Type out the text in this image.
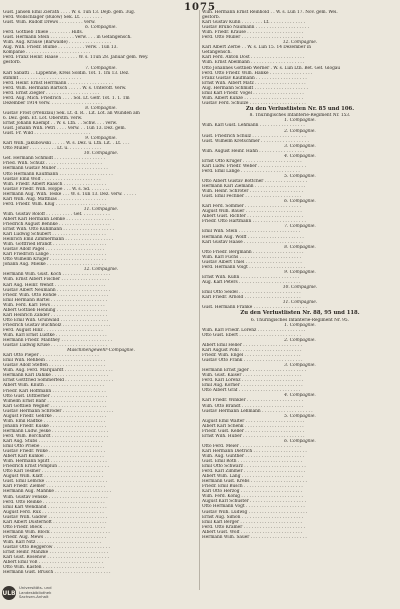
1075
Gust. Jansen Emil Zierath . . . . W. s. 1un 13. Dejb. gem. 3ug.
Ferd. Wollschläger (Bülow) Sek. Lt. . . . . . . . .
Gust. Wilh. Rudolf Drews . . . . . . . . . verw.
6. Compagnie.
Ferd. Gottlieb Thiele . . . . . . . . Hilfs.
Gust. Hermann Stein . . . . . . . . . Verw. . . . in Gefangensch.
Wilh. Aug. Krause (Bärwalde) . . . . . . . . . . . . . . . .
Aug. Wilh. Friedr. Blume . . . . . . . . . . verw. . 1un 13.
Kompanie . . . . . . . . . . . . . . . . . . . . . . . .
Ferd. Franz Heinr. Haase . . . . . . . W. s. 11un 28. Januar gem. Wey.
gestorb.
7. Compagnie.
Karl Sabatti . . Lippehne, Kreis Soldin. Tot. 1. 1m 13. Dez.
stimmt . . . . . . . . . . . . . . . . . . . . . . .
Ferd. Heinr. Ernst Herrmann . . . . . . . . . . . . . . . . .
Ferd. Wilh. Hermann Bartsch . . . . . W. s. Unteroff. Verw.
Ferd. Ernst Ziegler . . . . . . . . . . . . . . . . . . . .
Ferd. Aug. Mich. Friedrich . . . . Sol. Lt. Gefr. Tot. 1. 1. 1m
Dezember 1914 verw. . . . . . . . . . . . . . . . . . . .
8. Compagnie.
Gustav Frost (Prenzlau) Sek. Lt. d. R. . Lit. Lot. an Wunden am
6. Dez. gem. Et. Lot. Oberstm. verw.
Ernst Johann Kaempf . . W. s. Ltn. . . Schw. . . . verw.
Gust. Johann Wilh. Petri . . . . Verw. . . 1un 13. Dez. gem.
Gust. Fr. Wild . . . . . . . . . . . . . . . . . . . . .
9. Compagnie.
Karl Wilh. Jakubowski . . . . . W. s. Dez. u. Ltn. Lit. . Lt. . . .
Otto Müller . . . . . . . . . . Lt. u. . . . . . . . . . . . .
10. Compagnie.
Gef. Hermann Schmidt . . . . . . . . . . . . . . . . . . .
Fried. Wilh. Schulz . . . . . . . . . . . . . . . . . . . . .
Hermann Gustav Müller . . . . . . . . . . . . . . . . . . .
Otto Hermann Kaufmann . . . . . . . . . . . . . . . . . . . .
Gustav Emil Wolf . . . . . . . . . . . . . . . . . . . . . .
Wilh. Friedr. Albert Raasch . . . . . . . . . . . . . . . .
Gustav Friedr. Wilh. Hoppe . . . W. s. Sd. . . . . . . .
Hermann Aug. Wilh. Teske . . . W. s. 1un 13. Dez. verw. . . . . .
Karl Wilh. Aug. Matthias . . . . . . . . . . . . . . . . . .
Ferd. Friedr. Wilh. Klug . . . . . . . . . . . . . . . . . . .
11. Compagnie.
Wilh. Gustav Roloff . . . . . . . . . . Gef. . . . . . . . . . .
Albert Karl Hermann Lemke . . . . . . . . . . . . . . . . . .
Friedrich August Behnke . . . . . . . . . . . . . . . . . . .
Ernst Wilh. Otto Kuhlmann . . . . . . . . . . . . . . . . . . .
Karl Ludwig Schubert . . . . . . . . . . . . . . . . . . . .
Heinrich Emil Zimmermann . . . . . . . . . . . . . . . . . .
Wilh. Gottfried Brandt . . . . . . . . . . . . . . . . . . . .
Gustav Adolf Pagel . . . . . . . . . . . . . . . . . . . . . .
Karl Friedrich Lange . . . . . . . . . . . . . . . . . . . . .
Otto Wilhelm Krüger . . . . . . . . . . . . . . . . . . . . .
Johann Aug. Mielke . . . . . . . . . . . . . . . . . . . . .
12. Compagnie.
Hermann Wilh. Gust. Koch . . . . . . . . . . . . . . . . . .
Wilh. Ernst Albert Fischer . . . . . . . . . . . . . . . . . .
Karl Aug. Heinr. Wendt . . . . . . . . . . . . . . . . . . .
Gustav Albert Neumann . . . . . . . . . . . . . . . . . . . .
Friedr. Wilh. Otto Rohde . . . . . . . . . . . . . . . . . . .
Emil Hermann Bartel . . . . . . . . . . . . . . . . . . . . .
Wilh. Ferd. Karl Tews . . . . . . . . . . . . . . . . . . . .
Albert Gottlieb Henning . . . . . . . . . . . . . . . . . . .
Karl Heinrich Zander . . . . . . . . . . . . . . . . . . . . .
Otto Emil Wilh. Grunwald . . . . . . . . . . . . . . . . . .
Friedrich Gustav Buchholz . . . . . . . . . . . . . . . . . .
Ferd. August Hinz . . . . . . . . . . . . . . . . . . . . . .
Wilh. Karl Ernst Lüdtke . . . . . . . . . . . . . . . . . . .
Hermann Friedr. Manthey . . . . . . . . . . . . . . . . . . .
Gustav Ludwig Kruse . . . . . . . . . . . . . . . . . . . . .
Maschinengewehr-Compagnie.
Karl Otto Pieper . . . . . . . . . . . . . . . . . . . . . .
Emil Wilh. Rehbein . . . . . . . . . . . . . . . . . . . . . .
Gustav Adolf Steffen . . . . . . . . . . . . . . . . . . . . .
Wilh. Aug. Ferd. Marquardt . . . . . . . . . . . . . . . . . .
Hermann Karl Dahlke . . . . . . . . . . . . . . . . . . . . .
Ernst Gottfried Sommerfeld . . . . . . . . . . . . . . . . . .
Albert Wilh. Knuth . . . . . . . . . . . . . . . . . . . . . .
Friedr. Karl Hoffmann . . . . . . . . . . . . . . . . . . . .
Otto Gust. Dittberner . . . . . . . . . . . . . . . . . . . . .
Wilhelm Ernst Bahr . . . . . . . . . . . . . . . . . . . . . .
Karl Gottlieb Wegner . . . . . . . . . . . . . . . . . . . . .
Gustav Hermann Schröder . . . . . . . . . . . . . . . . . . .
August Friedr. Gehrke . . . . . . . . . . . . . . . . . . . .
Wilh. Emil Radtke . . . . . . . . . . . . . . . . . . . . . . .
Johann Friedr. Kuske . . . . . . . . . . . . . . . . . . . . .
Hermann Ludw. Jeske . . . . . . . . . . . . . . . . . . . . .
Ferd. Wilh. Borchardt . . . . . . . . . . . . . . . . . . . . .
Karl Aug. Stübs . . . . . . . . . . . . . . . . . . . . . . . .
Emil Otto Priebe . . . . . . . . . . . . . . . . . . . . . . .
Gustav Friedr. Wilke . . . . . . . . . . . . . . . . . . . . .
Albert Karl Kunkel . . . . . . . . . . . . . . . . . . . . . .
Wilh. Hermann Splitt . . . . . . . . . . . . . . . . . . . . .
Friedrich Ernst Pomplun . . . . . . . . . . . . . . . . . . .
Otto Karl Tesmer . . . . . . . . . . . . . . . . . . . . . . .
August Wilh. Klatt . . . . . . . . . . . . . . . . . . . . . .
Gust. Emil Lemcke . . . . . . . . . . . . . . . . . . . . . . .
Karl Friedr. Ziemer . . . . . . . . . . . . . . . . . . . . . .
Hermann Aug. Mahnke . . . . . . . . . . . . . . . . . . . . .
Wilh. Gustav Fenske . . . . . . . . . . . . . . . . . . . . . .
Ferd. Otto Reinke . . . . . . . . . . . . . . . . . . . . . . .
Emil Karl Wendland . . . . . . . . . . . . . . . . . . . . . .
August Ferd. Rux . . . . . . . . . . . . . . . . . . . . . . .
Gustav Wilh. Gadow . . . . . . . . . . . . . . . . . . . . . .
Karl Albert Düsterhöft . . . . . . . . . . . . . . . . . . . .
Otto Friedr. Bleck . . . . . . . . . . . . . . . . . . . . . . .
Hermann Wilh. Block . . . . . . . . . . . . . . . . . . . . . .
Friedr. Aug. Mews . . . . . . . . . . . . . . . . . . . . . . .
Wilh. Karl Nitz . . . . . . . . . . . . . . . . . . . . . . . .
Gustav Otto Beggerow . . . . . . . . . . . . . . . . . . . . .
Ernst Heinr. Manzke . . . . . . . . . . . . . . . . . . . . . .
Karl Gust. Rosenow . . . . . . . . . . . . . . . . . . . . . . .
Albert Emil Voß . . . . . . . . . . . . . . . . . . . . . . . .
Otto Wilh. Kasten . . . . . . . . . . . . . . . . . . . . . . .
Hermann Gust. Brüsch . . . . . . . . . . . . . . . . . . . . .
Wilh. Hermann Ernst Reinhold . . W. s. Lun 17. Nov. gem. Wei.
gestorb.
Karl Gustav Kühn . . . . . . . . Lt. . . . . . . . . . . . . .
Gustav Bruno Naumann . . . . . . . . . . . . . . . . . . . .
Wilh. Friedr. Krause . . . . . . . . . . . . . . . . . . . . .
Ferd. Otto Müller . . . . . . . . . . . . . . . . . . . . . . .
12. Compagnie.
Karl Albert Zerbe . . W. s. Lun 15. 14 Dezember in
Gefangensch.
Karl Ferd. Anton Dost . . . . . . . . . . . . . . . . . . . .
Wilh. Ernst Abelmann . . . . . . . . . . . . . . . . . . . .
Otto Johannes Gottlieb Werner . W. s. Lun Ltn. Bet. Gef. Glogau
Ferd. Otto Friedr. Wilh. Hanke . . . . . . . . . . . . . . . .
Franz Gustav Kaufmann . . . . . . . . . . . . . . . . . . .
Ernst Wilh. Albert Matz . . . . . . . . . . . . . . . . . . .
Aug. Hermann Schmidt . . . . . . . . . . . . . . . . . . . .
Emil Karl Friedr. Vogel . . . . . . . . . . . . . . . . . . .
Wilh. Albert Kunze . . . . . . . . . . . . . . . . . . . . . .
Gustav Ferd. Schulze . . . . . . . . . . . . . . . . . . . . .
Zu den Verlustlisten Nr. 85 und 106.
8. Thüringisches Infanterie-Regiment Nr. 153.
1. Compagnie.
Wilh. Karl Gust. Lehmann . . . . . . . . . . . . . . . . .
2. Compagnie.
Gust. Friedrich Schulz . . . . . . . . . . . . . . . . . . . .
Gust. Wilhelm Kretschmer . . . . . . . . . . . . . . . . . .
3. Compagnie.
Wilh. August Heinr. Hahn . . . . . . . . . . . . . . . . .
4. Compagnie.
Ernst Otto Krüger . . . . . . . . . . . . . . . . . . . . . .
Karl Ludw. Friedr. Weber . . . . . . . . . . . . . . . . . .
Ferd. Emil Lange . . . . . . . . . . . . . . . . . . . . . .
5. Compagnie.
Otto Albert Gustav Böttcher . . . . . . . . . . . . . . . .
Hermann Karl Ziemann . . . . . . . . . . . . . . . . . . .
Wilh. Heinr. Schröter . . . . . . . . . . . . . . . . . . . .
Gust. Emil Fechner . . . . . . . . . . . . . . . . . . . . .
6. Compagnie.
Karl Ferd. Sommer . . . . . . . . . . . . . . . . . . . . .
August Wilh. Bauer . . . . . . . . . . . . . . . . . . . . .
Albert Gust. Richter . . . . . . . . . . . . . . . . . . . . .
Friedr. Otto Hartmann . . . . . . . . . . . . . . . . . . . .
7. Compagnie.
Emil Wilh. Stein . . . . . . . . . . . . . . . . . . . . . . .
Hermann Aug. Wolff . . . . . . . . . . . . . . . . . . . . .
Karl Gustav Haase . . . . . . . . . . . . . . . . . . . . . .
8. Compagnie.
Otto Friedr. Bergmann . . . . . . . . . . . . . . . . . . .
Wilh. Karl Fuchs . . . . . . . . . . . . . . . . . . . . . . .
Gustav Albert Thiel . . . . . . . . . . . . . . . . . . . . .
Ferd. Hermann Voigt . . . . . . . . . . . . . . . . . . . . .
9. Compagnie.
Ernst Wilh. Kuhn . . . . . . . . . . . . . . . . . . . . . .
Aug. Karl Peters . . . . . . . . . . . . . . . . . . . . . . .
10. Compagnie.
Emil Otto Seidel . . . . . . . . . . . . . . . . . . . . . . .
Karl Friedr. Arnold . . . . . . . . . . . . . . . . . . . . .
11. Compagnie.
Gust. Hermann Franke . . . . . . . . . . . . . . . . . . . .
Zu den Verlustlisten Nr. 88, 95 und 118.
6. Thüringisches Infanterie-Regiment Nr. 95.
1. Compagnie.
Wilh. Karl Friedr. Lorenz . . . . . . . . . . . . . . . . . .
Otto Gust. Ebert . . . . . . . . . . . . . . . . . . . . . . .
2. Compagnie.
Albert Emil Heller . . . . . . . . . . . . . . . . . . . . . .
Karl August Pohl . . . . . . . . . . . . . . . . . . . . . . .
Friedr. Wilh. Engel . . . . . . . . . . . . . . . . . . . . .
Gustav Otto Frank . . . . . . . . . . . . . . . . . . . . . .
3. Compagnie.
Hermann Ernst Jäger . . . . . . . . . . . . . . . . . . . . .
Wilh. Gust. Kaiser . . . . . . . . . . . . . . . . . . . . . .
Ferd. Karl Lorenz . . . . . . . . . . . . . . . . . . . . . . .
Emil Aug. Körner . . . . . . . . . . . . . . . . . . . . . . .
Otto Albert Graf . . . . . . . . . . . . . . . . . . . . . . .
4. Compagnie.
Karl Friedr. Winkler . . . . . . . . . . . . . . . . . . . . .
Wilh. Otto Brandt . . . . . . . . . . . . . . . . . . . . . . .
Gustav Hermann Lehmann . . . . . . . . . . . . . . . . . . .
5. Compagnie.
August Emil Walter . . . . . . . . . . . . . . . . . . . . . .
Albert Karl Schenk . . . . . . . . . . . . . . . . . . . . . .
Friedr. Gust. Keller . . . . . . . . . . . . . . . . . . . . . .
Ernst Wilh. Huber . . . . . . . . . . . . . . . . . . . . . . .
6. Compagnie.
Otto Ferd. Meier . . . . . . . . . . . . . . . . . . . . . . .
Karl Hermann Dietrich . . . . . . . . . . . . . . . . . . . .
Wilh. Aug. Günther . . . . . . . . . . . . . . . . . . . . . .
Gust. Emil Roth . . . . . . . . . . . . . . . . . . . . . . . .
Emil Otto Schwarz . . . . . . . . . . . . . . . . . . . . . . .
Ferd. Karl Zimmer . . . . . . . . . . . . . . . . . . . . . . .
Albert Wilh. Lang . . . . . . . . . . . . . . . . . . . . . . .
Hermann Gust. Krebs . . . . . . . . . . . . . . . . . . . . .
Friedr. Emil Busch . . . . . . . . . . . . . . . . . . . . . .
Karl Otto Herzog . . . . . . . . . . . . . . . . . . . . . . .
Wilh. Ferd. König . . . . . . . . . . . . . . . . . . . . . . .
August Karl Schuster . . . . . . . . . . . . . . . . . . . . .
Otto Hermann Vogt . . . . . . . . . . . . . . . . . . . . . .
Gustav Wilh. Ludwig . . . . . . . . . . . . . . . . . . . . . .
Ernst Aug. Simon . . . . . . . . . . . . . . . . . . . . . . .
Emil Karl Berger . . . . . . . . . . . . . . . . . . . . . . .
Ferd. Otto Krämer . . . . . . . . . . . . . . . . . . . . . . .
Albert Gust. Wolf . . . . . . . . . . . . . . . . . . . . . . .
Hermann Wilh. Sauer . . . . . . . . . . . . . . . . . . . . .
ULB
Universitäts- und
Landesbibliothek
Sachsen-Anhalt
